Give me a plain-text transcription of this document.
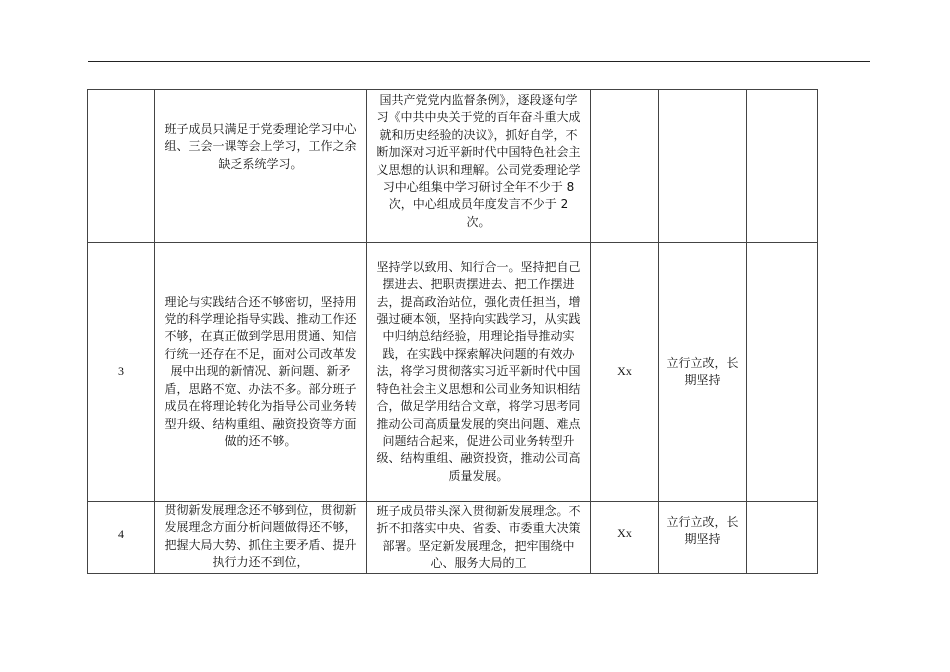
	班子成员只满足于党委理论学习中心组、三会一课等会上学习，工作之余缺乏系统学习。	国共产党党内监督条例》，逐段逐句学习《中共中央关于党的百年奋斗重大成就和历史经验的决议》，抓好自学，不断加深对习近平新时代中国特色社会主义思想的认识和理解。公司党委理论学习中心组集中学习研讨全年不少于 8 次，中心组成员年度发言不少于 2 次。			

3	理论与实践结合还不够密切，坚持用党的科学理论指导实践、推动工作还不够，在真正做到学思用贯通、知信行统一还存在不足，面对公司改革发展中出现的新情况、新问题、新矛盾，思路不宽、办法不多。部分班子成员在将理论转化为指导公司业务转型升级、结构重组、融资投资等方面做的还不够。	坚持学以致用、知行合一。坚持把自己摆进去、把职责摆进去、把工作摆进去，提高政治站位，强化责任担当，增强过硬本领，坚持向实践学习，从实践中归纳总结经验，用理论指导推动实践，在实践中探索解决问题的有效办法，将学习贯彻落实习近平新时代中国特色社会主义思想和公司业务知识相结合，做足学用结合文章，将学习思考同推动公司高质量发展的突出问题、难点问题结合起来，促进公司业务转型升级、结构重组、融资投资，推动公司高质量发展。	Xx	立行立改，长期坚持	

4	贯彻新发展理念还不够到位，贯彻新发展理念方面分析问题做得还不够，把握大局大势、抓住主要矛盾、提升执行力还不到位，	班子成员带头深入贯彻新发展理念。不折不扣落实中央、省委、市委重大决策部署。坚定新发展理念，把牢围绕中心、服务大局的工	Xx	立行立改，长期坚持	
